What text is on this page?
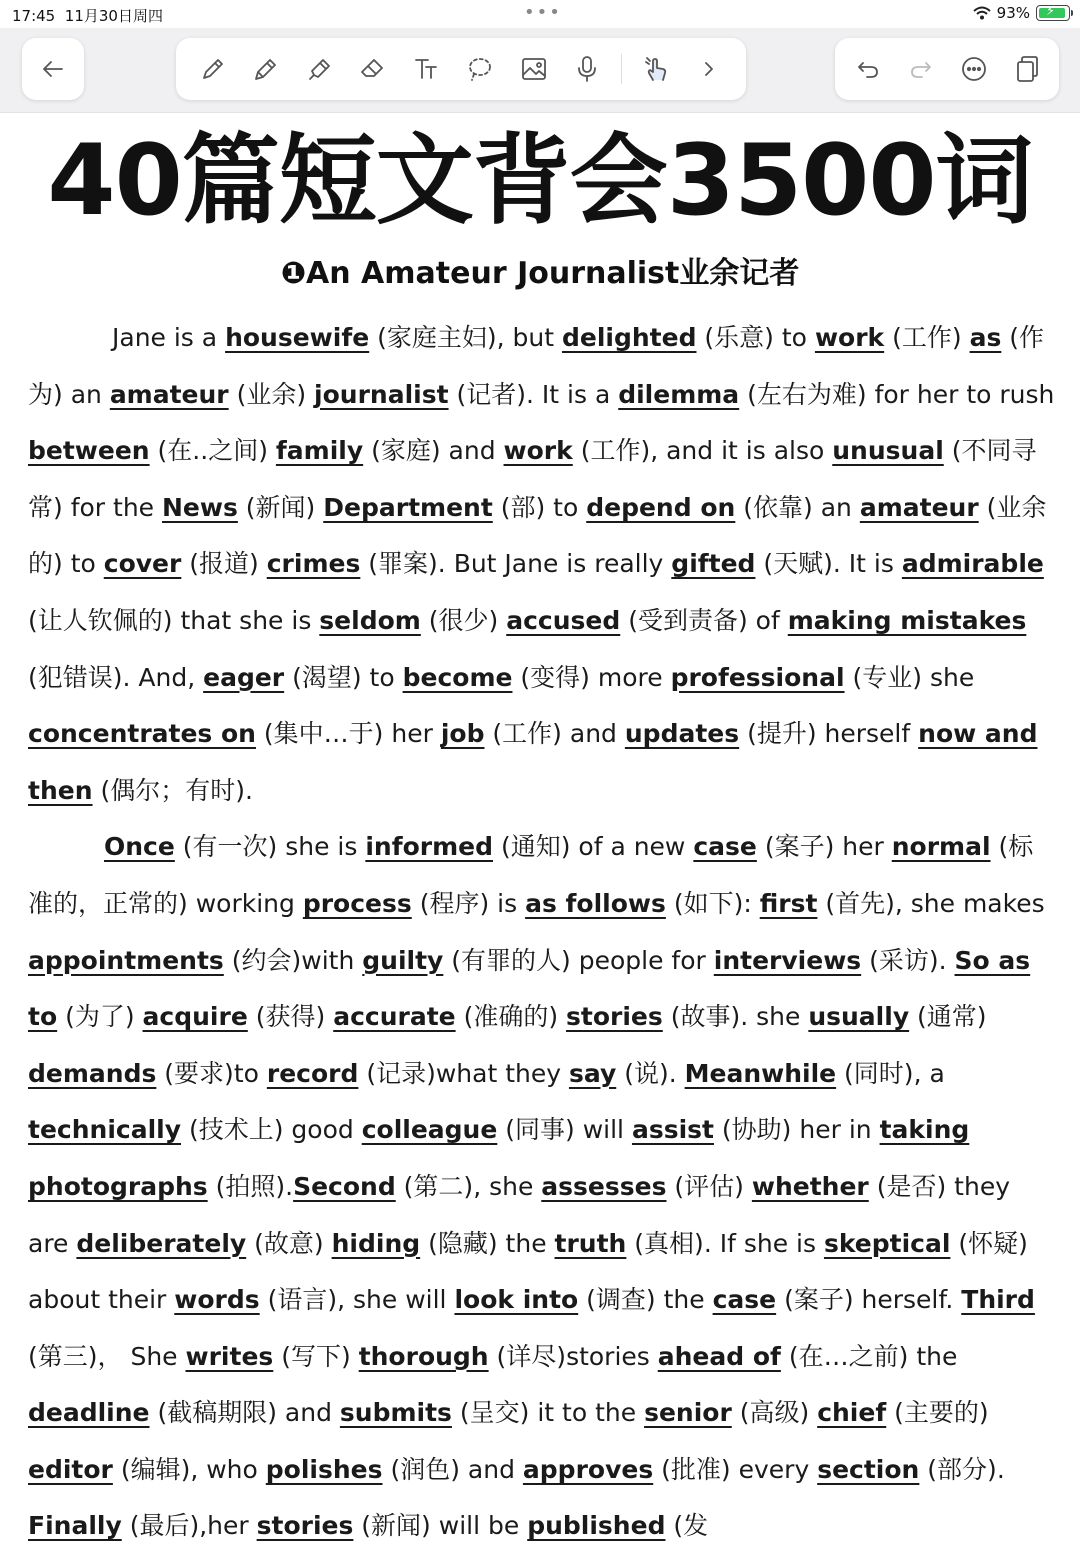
17:45 11月30日周四	•••	93% ⚡
40篇短文背会3500词
❶An Amateur Journalist业余记者

Jane is a housewife (家庭主妇), but delighted (乐意) to work (工作) as (作为) an amateur (业余) journalist (记者). It is a dilemma (左右为难) for her to rush between (在..之间) family (家庭) and work (工作), and it is also unusual (不同寻常) for the News (新闻) Department (部) to depend on (依靠) an amateur (业余的) to cover (报道) crimes (罪案). But Jane is really gifted (天赋). It is admirable (让人钦佩的) that she is seldom (很少) accused (受到责备) of making mistakes (犯错误). And, eager (渴望) to become (变得) more professional (专业) she concentrates on (集中…于) her job (工作) and updates (提升) herself now and then (偶尔；有时).

Once (有一次) she is informed (通知) of a new case (案子) her normal (标准的，正常的) working process (程序) is as follows (如下): first (首先), she makes appointments (约会)with guilty (有罪的人) people for interviews (采访). So as to (为了) acquire (获得) accurate (准确的) stories (故事). she usually (通常) demands (要求)to record (记录)what they say (说). Meanwhile (同时), a technically (技术上) good colleague (同事) will assist (协助) her in taking photographs (拍照).Second (第二), she assesses (评估) whether (是否) they are deliberately (故意) hiding (隐藏) the truth (真相). If she is skeptical (怀疑) about their words (语言), she will look into (调查) the case (案子) herself. Third (第三)， She writes (写下) thorough (详尽)stories ahead of (在…之前) the deadline (截稿期限) and submits (呈交) it to the senior (高级) chief (主要的) editor (编辑), who polishes (润色) and approves (批准) every section (部分). Finally (最后),her stories (新闻) will be published (发
